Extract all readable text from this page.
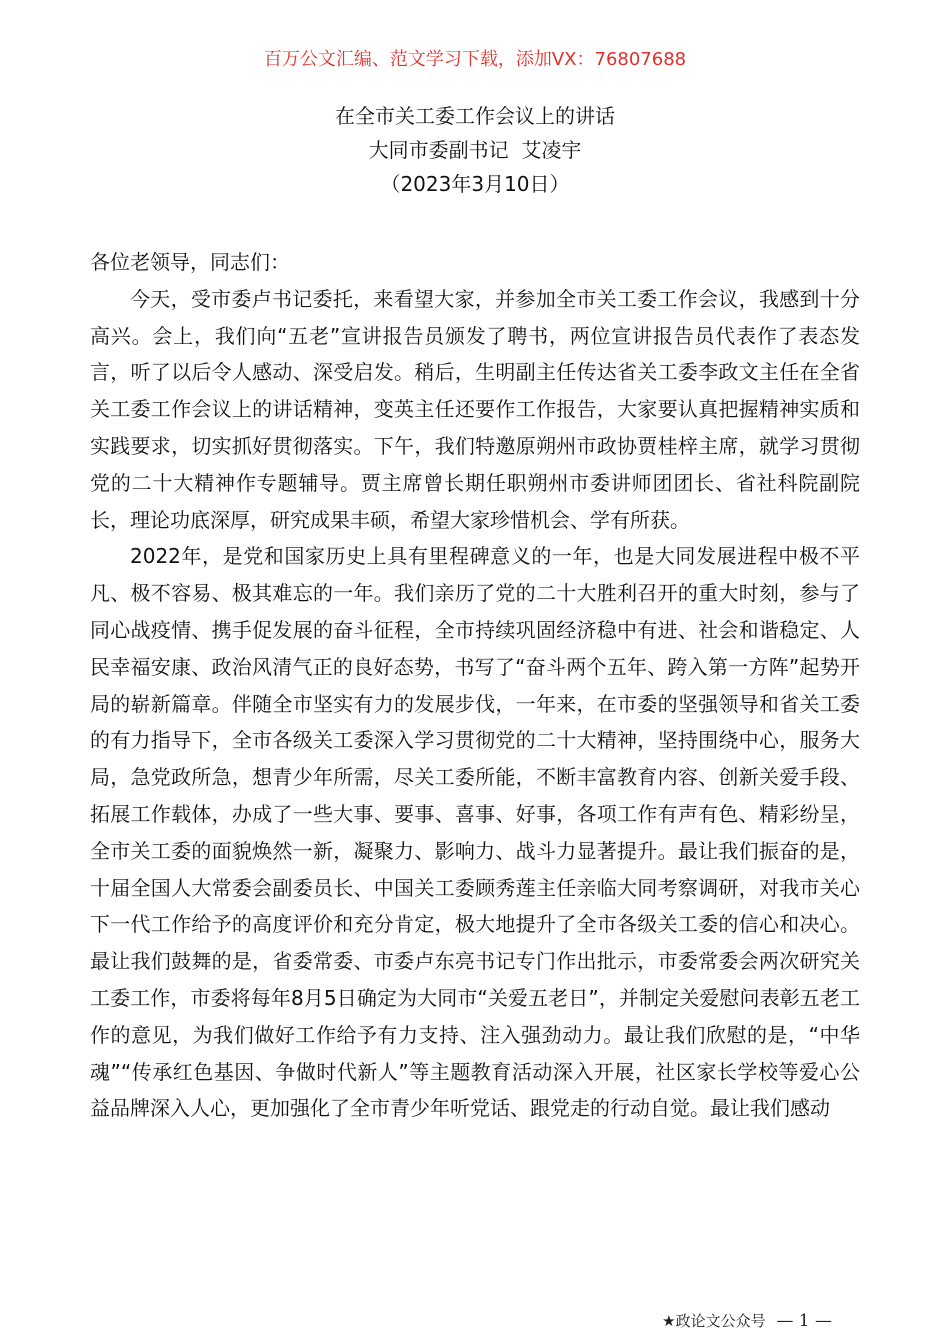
百万公文汇编、范文学习下载，添加VX：76807688
在全市关工委工作会议上的讲话
大同市委副书记  艾凌宇
（2023年3月10日）

各位老领导，同志们：

今天，受市委卢书记委托，来看望大家，并参加全市关工委工作会议，我感到十分高兴。会上，我们向“五老”宣讲报告员颁发了聘书，两位宣讲报告员代表作了表态发言，听了以后令人感动、深受启发。稍后，生明副主任传达省关工委李政文主任在全省关工委工作会议上的讲话精神，变英主任还要作工作报告，大家要认真把握精神实质和实践要求，切实抓好贯彻落实。下午，我们特邀原朔州市政协贾桂梓主席，就学习贯彻党的二十大精神作专题辅导。贾主席曾长期任职朔州市委讲师团团长、省社科院副院长，理论功底深厚，研究成果丰硕，希望大家珍惜机会、学有所获。

2022年，是党和国家历史上具有里程碑意义的一年，也是大同发展进程中极不平凡、极不容易、极其难忘的一年。我们亲历了党的二十大胜利召开的重大时刻，参与了同心战疫情、携手促发展的奋斗征程，全市持续巩固经济稳中有进、社会和谐稳定、人民幸福安康、政治风清气正的良好态势，书写了“奋斗两个五年、跨入第一方阵”起势开局的崭新篇章。伴随全市坚实有力的发展步伐，一年来，在市委的坚强领导和省关工委的有力指导下，全市各级关工委深入学习贯彻党的二十大精神，坚持围绕中心，服务大局，急党政所急，想青少年所需，尽关工委所能，不断丰富教育内容、创新关爱手段、拓展工作载体，办成了一些大事、要事、喜事、好事，各项工作有声有色、精彩纷呈，全市关工委的面貌焕然一新，凝聚力、影响力、战斗力显著提升。最让我们振奋的是，十届全国人大常委会副委员长、中国关工委顾秀莲主任亲临大同考察调研，对我市关心下一代工作给予的高度评价和充分肯定，极大地提升了全市各级关工委的信心和决心。最让我们鼓舞的是，省委常委、市委卢东亮书记专门作出批示，市委常委会两次研究关工委工作，市委将每年8月5日确定为大同市“关爱五老日”，并制定关爱慰问表彰五老工作的意见，为我们做好工作给予有力支持、注入强劲动力。最让我们欣慰的是，“中华魂”“传承红色基因、争做时代新人”等主题教育活动深入开展，社区家长学校等爱心公益品牌深入人心，更加强化了全市青少年听党话、跟党走的行动自觉。最让我们感动

★政论文公众号 — 1 —
